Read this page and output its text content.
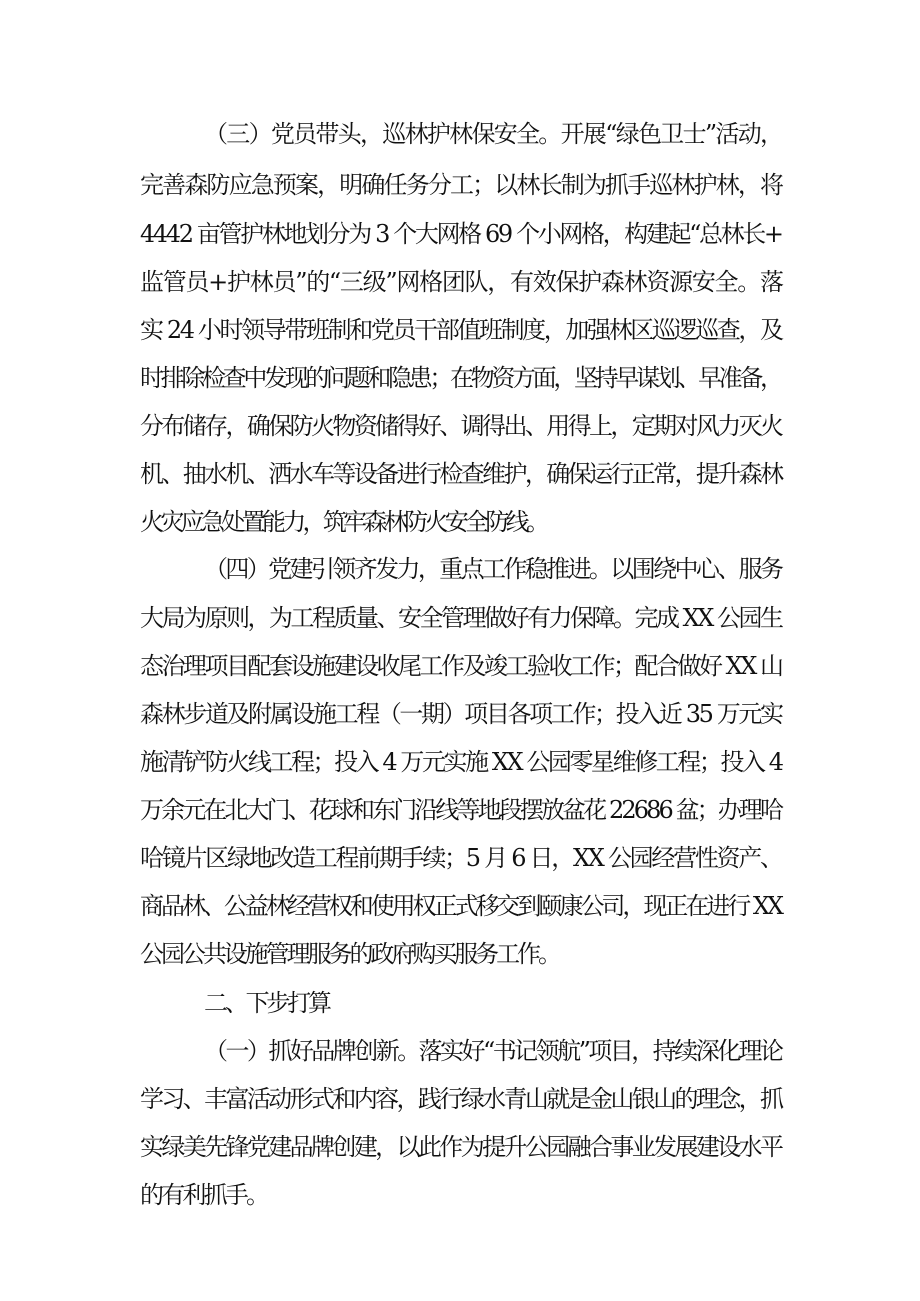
（三）党员带头，巡林护林保安全。开展“绿色卫士”活动，
完善森防应急预案，明确任务分工；以林长制为抓手巡林护林，将
4442 亩管护林地划分为 3 个大网格 69 个小网格，构建起“总林长+
监管员+护林员”的“三级”网格团队，有效保护森林资源安全。落
实 24 小时领导带班制和党员干部值班制度，加强林区巡逻巡查，及
时排除检查中发现的问题和隐患；在物资方面，坚持早谋划、早准备，
分布储存，确保防火物资储得好、调得出、用得上，定期对风力灭火
机、抽水机、洒水车等设备进行检查维护，确保运行正常，提升森林
火灾应急处置能力，筑牢森林防火安全防线。
（四）党建引领齐发力，重点工作稳推进。以围绕中心、服务
大局为原则，为工程质量、安全管理做好有力保障。完成 XX 公园生
态治理项目配套设施建设收尾工作及竣工验收工作；配合做好 XX 山
森林步道及附属设施工程（一期）项目各项工作；投入近 35 万元实
施清铲防火线工程；投入 4 万元实施 XX 公园零星维修工程；投入 4
万余元在北大门、花球和东门沿线等地段摆放盆花 22686 盆；办理哈
哈镜片区绿地改造工程前期手续；5 月 6 日，XX 公园经营性资产、
商品林、公益林经营权和使用权正式移交到颐康公司，现正在进行 XX
公园公共设施管理服务的政府购买服务工作。
二、下步打算
（一）抓好品牌创新。落实好“书记领航”项目，持续深化理论
学习、丰富活动形式和内容，践行绿水青山就是金山银山的理念，抓
实绿美先锋党建品牌创建，以此作为提升公园融合事业发展建设水平
的有利抓手。
